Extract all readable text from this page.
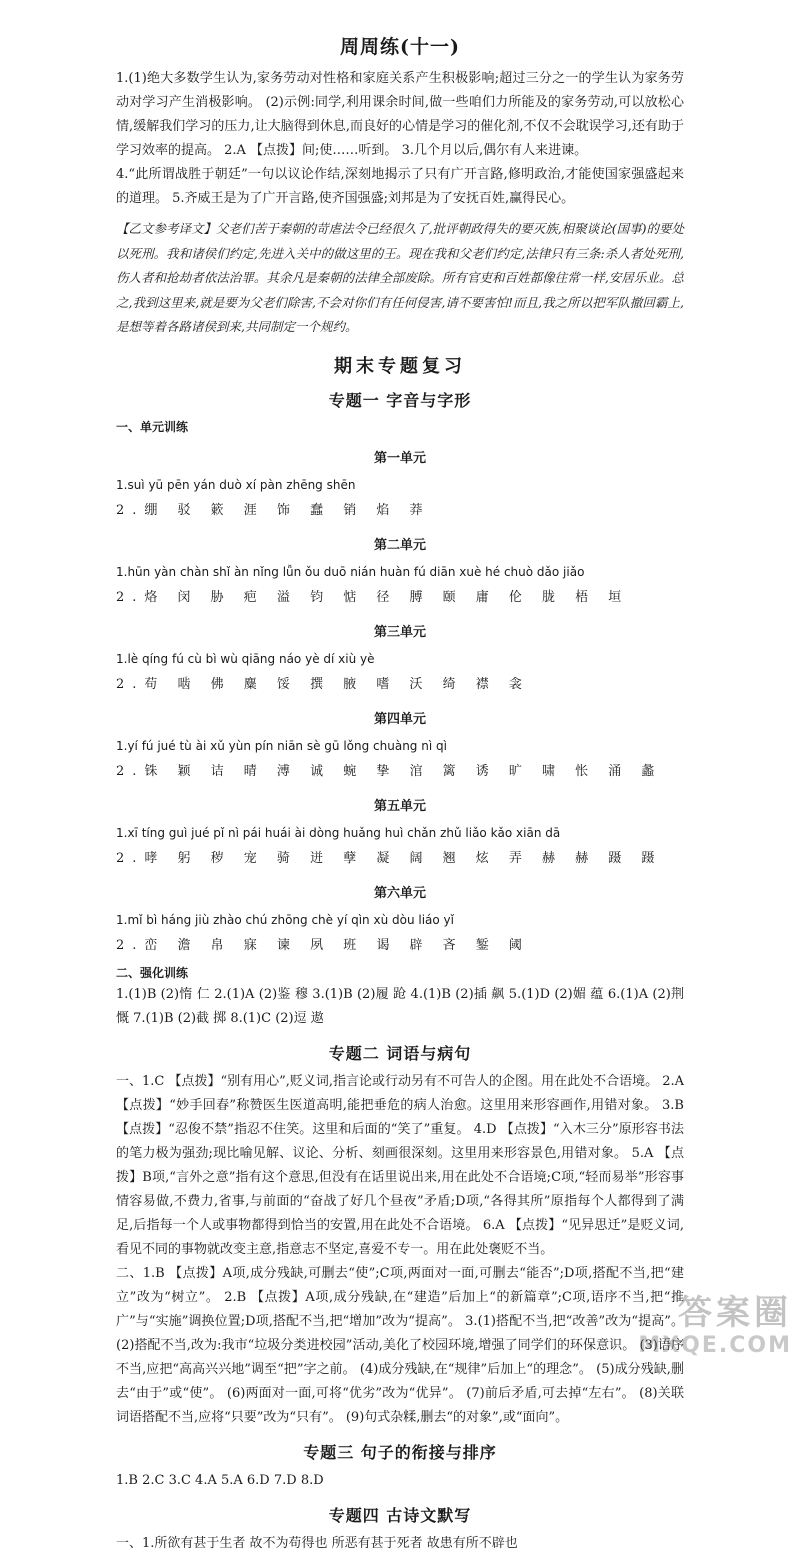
周周练(十一)

1.(1)绝大多数学生认为,家务劳动对性格和家庭关系产生积极影响;超过三分之一的学生认为家务劳动对学习产生消极影响。 (2)示例:同学,利用课余时间,做一些咱们力所能及的家务劳动,可以放松心情,缓解我们学习的压力,让大脑得到休息,而良好的心情是学习的催化剂,不仅不会耽误学习,还有助于学习效率的提高。 2.A 【点拨】间;使……听到。 3.几个月以后,偶尔有人来进谏。

4.“此所谓战胜于朝廷”一句以议论作结,深刻地揭示了只有广开言路,修明政治,才能使国家强盛起来的道理。 5.齐威王是为了广开言路,使齐国强盛;刘邦是为了安抚百姓,赢得民心。

【乙文参考译文】父老们苦于秦朝的苛虐法令已经很久了,批评朝政得失的要灭族,相聚谈论(国事)的要处以死刑。我和诸侯们约定,先进入关中的做这里的王。现在我和父老们约定,法律只有三条:杀人者处死刑,伤人者和抢劫者依法治罪。其余凡是秦朝的法律全部废除。所有官吏和百姓都像往常一样,安居乐业。总之,我到这里来,就是要为父老们除害,不会对你们有任何侵害,请不要害怕!而且,我之所以把军队撤回霸上,是想等着各路诸侯到来,共同制定一个规约。

期末专题复习
专题一 字音与字形
一、单元训练
第一单元

1.suì yū pēn yán duò xí pàn zhēng shēn

2.绷 驳 簌 涯 饰 蠢 销 焰 莽

第二单元

1.hūn yàn chàn shǐ àn nǐng lǚn ǒu duō nián huàn fú diān xuè hé chuò dǎo jiǎo

2.烙 闵 胁 疤 溢 钧 惦 径 膊 颐 庸 伦 胧 梧 垣

第三单元

1.lè qíng fú cù bì wù qiāng náo yè dí xiù yè

2.苟 啮 佛 麋 馁 撰 腋 嗜 沃 绮 襟 衾

第四单元

1.yí fú jué tù ài xǔ yùn pín niān sè gū lǒng chuàng nì qì

2.铢 颖 诘 晴 溥 诚 蜿 挚 涫 篱 诱 旷 啸 怅 涌 蠡

第五单元

1.xī tíng guì jué pǐ nì pái huái ài dòng huǎng huì chǎn zhǔ liǎo kǎo xiān dā

2.哮 躬 秽 宠 骑 迸 孽 凝 阔 翘 炫 弄 赫 赫 蹑 蹑

第六单元

1.mǐ bì háng jiù zhào chú zhōng chè yí qìn xù dòu liáo yǐ

2.峦 澹 帛 寐 谏 夙 班 谒 辟 吝 錾 阈

二、强化训练

1.(1)B (2)惰 仁 2.(1)A (2)鉴 穆 3.(1)B (2)履 跄 4.(1)B (2)插 飙 5.(1)D (2)媚 蕴 6.(1)A (2)荆 慨 7.(1)B (2)截 掷 8.(1)C (2)逗 遨

专题二 词语与病句

一、1.C 【点拨】“别有用心”,贬义词,指言论或行动另有不可告人的企图。用在此处不合语境。 2.A 【点拨】“妙手回春”称赞医生医道高明,能把垂危的病人治愈。这里用来形容画作,用错对象。 3.B 【点拨】“忍俊不禁”指忍不住笑。这里和后面的“笑了”重复。 4.D 【点拨】“入木三分”原形容书法的笔力极为强劲;现比喻见解、议论、分析、刻画很深刻。这里用来形容景色,用错对象。 5.A 【点拨】B项,“言外之意”指有这个意思,但没有在话里说出来,用在此处不合语境;C项,“轻而易举”形容事情容易做,不费力,省事,与前面的“奋战了好几个昼夜”矛盾;D项,“各得其所”原指每个人都得到了满足,后指每一个人或事物都得到恰当的安置,用在此处不合语境。 6.A 【点拨】“见异思迁”是贬义词,看见不同的事物就改变主意,指意志不坚定,喜爱不专一。用在此处褒贬不当。

二、1.B 【点拨】A项,成分残缺,可删去“使”;C项,两面对一面,可删去“能否”;D项,搭配不当,把“建立”改为“树立”。 2.B 【点拨】A项,成分残缺,在“建造”后加上“的新篇章”;C项,语序不当,把“推广”与“实施”调换位置;D项,搭配不当,把“增加”改为“提高”。 3.(1)搭配不当,把“改善”改为“提高”。 (2)搭配不当,改为:我市“垃圾分类进校园”活动,美化了校园环境,增强了同学们的环保意识。 (3)语序不当,应把“高高兴兴地”调至“把”字之前。 (4)成分残缺,在“规律”后加上“的理念”。 (5)成分残缺,删去“由于”或“使”。 (6)两面对一面,可将“优劣”改为“优异”。 (7)前后矛盾,可去掉“左右”。 (8)关联词语搭配不当,应将“只要”改为“只有”。 (9)句式杂糅,删去“的对象”,或“面向”。

专题三 句子的衔接与排序

1.B 2.C 3.C 4.A 5.A 6.D 7.D 8.D

专题四 古诗文默写

一、1.所欲有甚于生者 故不为苟得也 所恶有甚于死者 故患有所不辟也

答案圈
MXQE.COM
